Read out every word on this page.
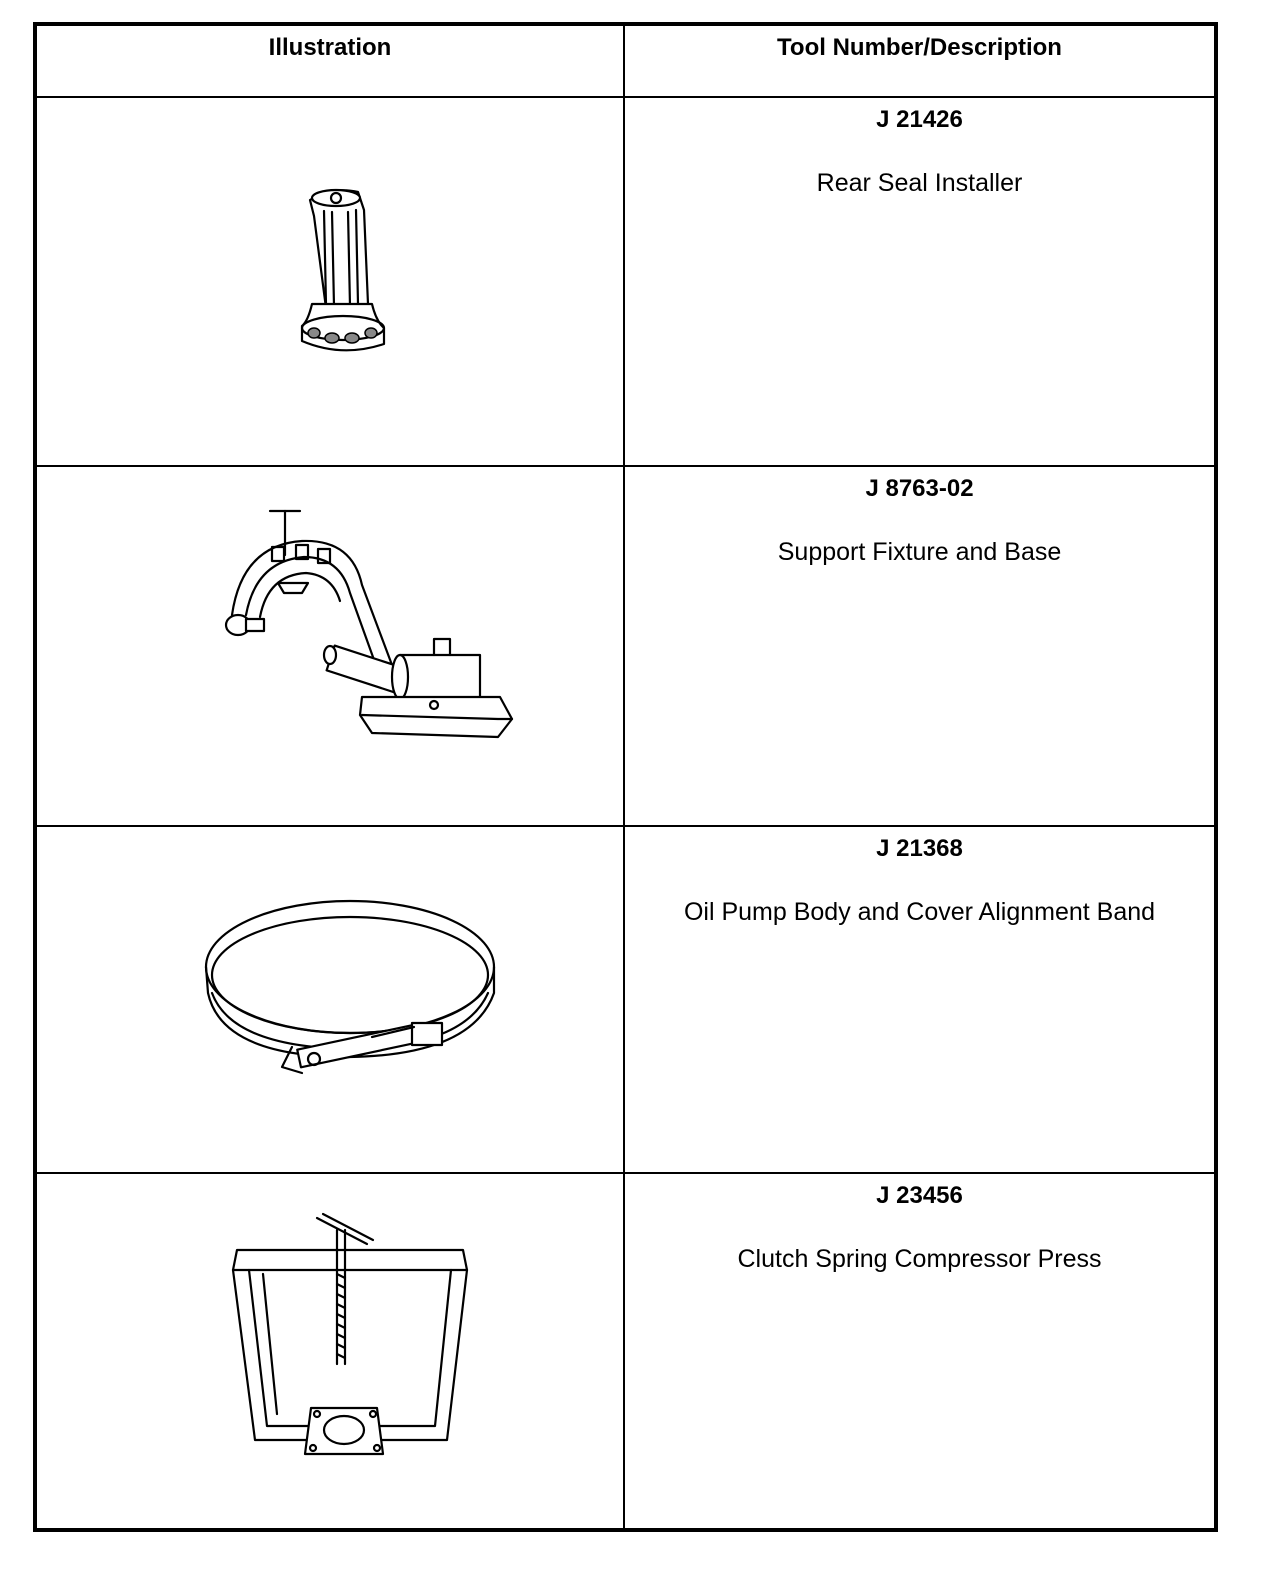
Illustration	Tool Number/Description
J 21426
Rear Seal Installer
J 8763-02
Support Fixture and Base
J 21368
Oil Pump Body and Cover Alignment Band
J 23456
Clutch Spring Compressor Press
